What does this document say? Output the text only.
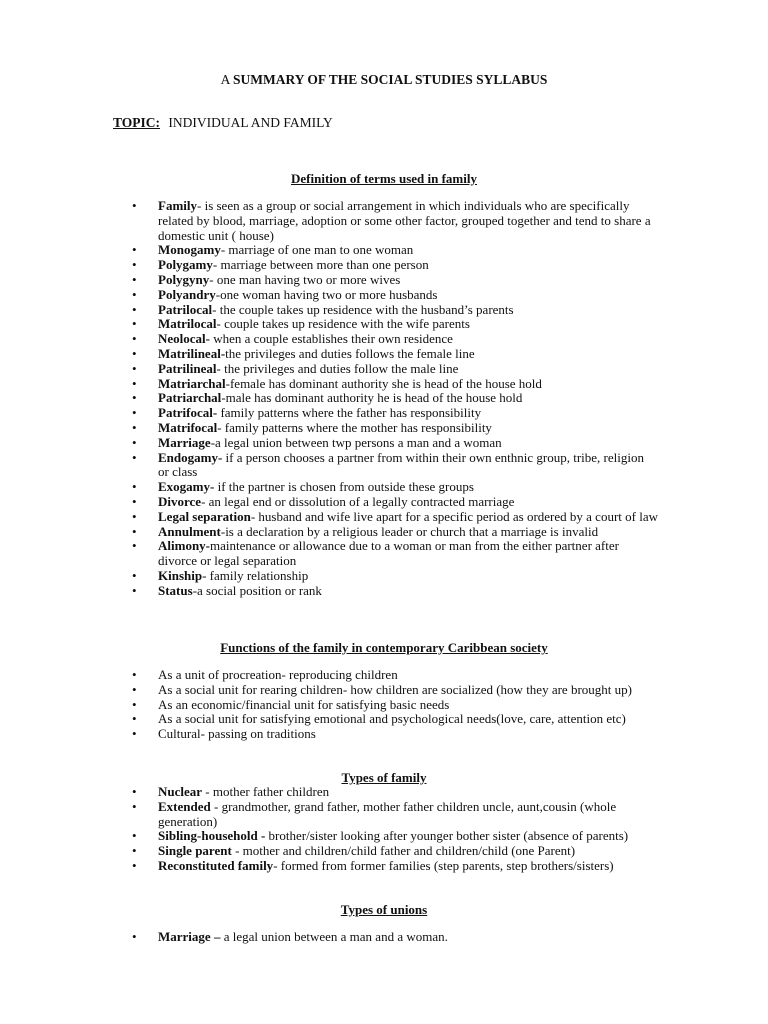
A SUMMARY OF THE SOCIAL STUDIES SYLLABUS
TOPIC: INDIVIDUAL AND FAMILY
Definition of terms used in family
• Family- is seen as a group or social arrangement in which individuals who are specifically related by blood, marriage, adoption or some other factor, grouped together and tend to share a domestic unit ( house)
• Monogamy- marriage of one man to one woman
• Polygamy- marriage between more than one person
• Polygyny- one man having two or more wives
• Polyandry-one woman having two or more husbands
• Patrilocal- the couple takes up residence with the husband’s parents
• Matrilocal- couple takes up residence with the wife parents
• Neolocal- when a couple establishes their own residence
• Matrilineal-the privileges and duties follows the female line
• Patrilineal- the privileges and duties follow the male line
• Matriarchal-female has dominant authority she is head of the house hold
• Patriarchal-male has dominant authority he is head of the house hold
• Patrifocal- family patterns where the father has responsibility
• Matrifocal- family patterns where the mother has responsibility
• Marriage-a legal union between twp persons a man and a woman
• Endogamy- if a person chooses a partner from within their own enthnic group, tribe, religion or class
• Exogamy- if the partner is chosen from outside these groups
• Divorce- an legal end or dissolution of a legally contracted marriage
• Legal separation- husband and wife live apart for a specific period as ordered by a court of law
• Annulment-is a declaration by a religious leader or church that a marriage is invalid
• Alimony-maintenance or allowance due to a woman or man from the either partner after divorce or legal separation
• Kinship- family relationship
• Status-a social position or rank
Functions of the family in contemporary Caribbean society
• As a unit of procreation- reproducing children
• As a social unit for rearing children- how children are socialized (how they are brought up)
• As an economic/financial unit for satisfying basic needs
• As a social unit for satisfying emotional and psychological needs(love, care, attention etc)
• Cultural- passing on traditions
Types of family
• Nuclear - mother father children
• Extended - grandmother, grand father, mother father children uncle, aunt,cousin (whole generation)
• Sibling-household - brother/sister looking after younger bother sister (absence of parents)
• Single parent - mother and children/child father and children/child (one Parent)
• Reconstituted family- formed from former families (step parents, step brothers/sisters)
Types of unions
• Marriage – a legal union between a man and a woman.
